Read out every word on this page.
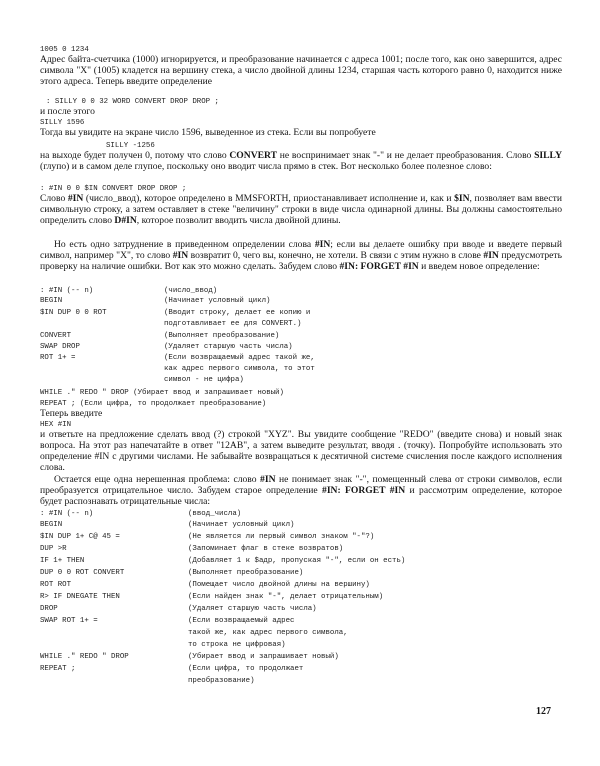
1005 0 1234
Адрес байта-счетчика (1000) игнорируется, и преобразование начинается с адреса 1001; после того, как оно завершится, адрес символа "X" (1005) кладется на вершину стека, а число двойной длины 1234, старшая часть которого равно 0, находится ниже этого адреса. Теперь введите определение
: SILLY 0 0 32 WORD CONVERT DROP DROP ;
и после этого
SILLY 1596
Тогда вы увидите на экране число 1596, выведенное из стека. Если вы попробуете
SILLY -1256
на выходе будет получен 0, потому что слово CONVERT не воспринимает знак "-" и не делает преобразования. Слово SILLY (глупо) и в самом деле глупое, поскольку оно вводит числа прямо в стек. Вот несколько более полезное слово:
: #IN 0 0 $IN CONVERT DROP DROP ;
Слово #IN (число_ввод), которое определено в MMSFORTH, приостанавливает исполнение и, как и $IN, позволяет вам ввести символьную строку, а затем оставляет в стеке "величину" строки в виде числа одинарной длины. Вы должны самостоятельно определить слово D#IN, которое позволит вводить числа двойной длины.
Но есть одно затруднение в приведенном определении слова #IN; если вы делаете ошибку при вводе и введете первый символ, например "X", то слово #IN возвратит 0, чего вы, конечно, не хотели. В связи с этим нужно в слове #IN предусмотреть проверку на наличие ошибки. Вот как это можно сделать. Забудем слово #IN: FORGET #IN и введем новое определение:
: #IN (-- n)	(число_ввод)
BEGIN	(Начинает условный цикл)
$IN DUP 0 0 ROT	(Вводит строку, делает ее копию и
подготавливает ее для CONVERT.)
CONVERT	(Выполняет преобразование)
SWAP DROP	(Удаляет старшую часть числа)
ROT 1+ =	(Если возвращаемый адрес такой же,
как адрес первого символа, то этот
символ - не цифра)
WHILE ." REDO " DROP (Убирает ввод и запрашивает новый)
REPEAT ; (Если цифра, то продолжает преобразование)
Теперь введите
HEX #IN
и ответьте на предложение сделать ввод (?) строкой "XYZ". Вы увидите сообщение "REDO" (введите снова) и новый знак вопроса. На этот раз напечатайте в ответ "12AB", а затем выведите результат, вводя . (точку). Попробуйте использовать это определение #IN с другими числами. Не забывайте возвращаться к десятичной системе счисления после каждого исполнения слова.
Остается еще одна нерешенная проблема: слово #IN не понимает знак "-", помещенный слева от строки символов, если преобразуется отрицательное число. Забудем старое определение #IN: FORGET #IN и рассмотрим определение, которое будет распознавать отрицательные числа:
: #IN (-- n)	(ввод_числа)
BEGIN	(Начинает условный цикл)
$IN DUP 1+ C@ 45 =	(Не является ли первый символ знаком "-"?)
DUP >R	(Запоминает флаг в стеке возвратов)
IF 1+ THEN	(Добавляет 1 к $адр, пропуская "-", если он есть)
DUP 0 0 ROT CONVERT	(Выполняет преобразование)
ROT ROT	(Помещает число двойной длины на вершину)
R> IF DNEGATE THEN	(Если найден знак "-", делает отрицательным)
DROP	(Удаляет старшую часть числа)
SWAP ROT 1+ =	(Если возвращаемый адрес
такой же, как адрес первого символа,
то строка не цифровая)
WHILE ." REDO " DROP	(Убирает ввод и запрашивает новый)
REPEAT ;	(Если цифра, то продолжает
преобразование)
127
